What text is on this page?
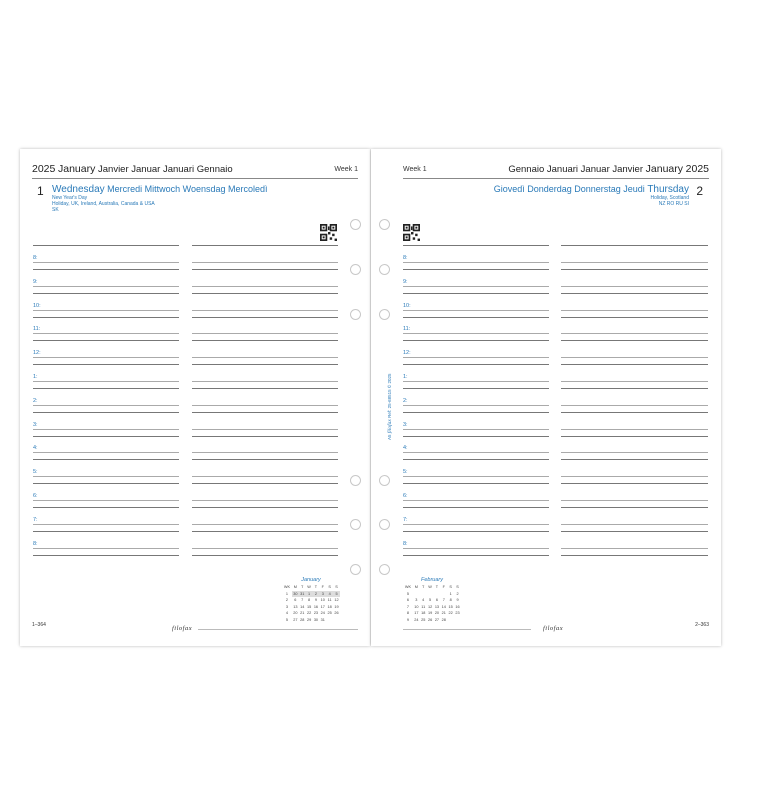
2025 January Janvier Januar Januari Gennaio	Week 1
1 Wednesday Mercredi Mittwoch Woensdag Mercoledì
New Year's Day
Holiday, UK, Ireland, Australia, Canada & USA
SK
8:
9:
10:
11:
12:
1:
2:
3:
4:
5:
6:
7:
8:
January
WK	M	T	W	T	F	S	S
1	30	31	1	2	3	4	5
2	6	7	8	9	10	11	12
3	13	14	15	16	17	18	19
4	20	21	22	23	24	25	26
5	27	28	29	30	31		
1–364	filofax
Week 1	Gennaio Januari Januar Janvier January 2025
Giovedì Donderdag Donnerstag Jeudi Thursday 2
Holiday, Scotland
NZ RO RU SI
8:
9:
10:
11:
12:
1:
2:
3:
4:
5:
6:
7:
8:
February
WK	M	T	W	T	F	S	S
5						1	2
6	3	4	5	6	7	8	9
7	10	11	12	13	14	15	16
8	17	18	19	20	21	22	23
9	24	25	26	27	28		
filofax	2–363
A5 filofax Ref: 25-68515 © 2025
